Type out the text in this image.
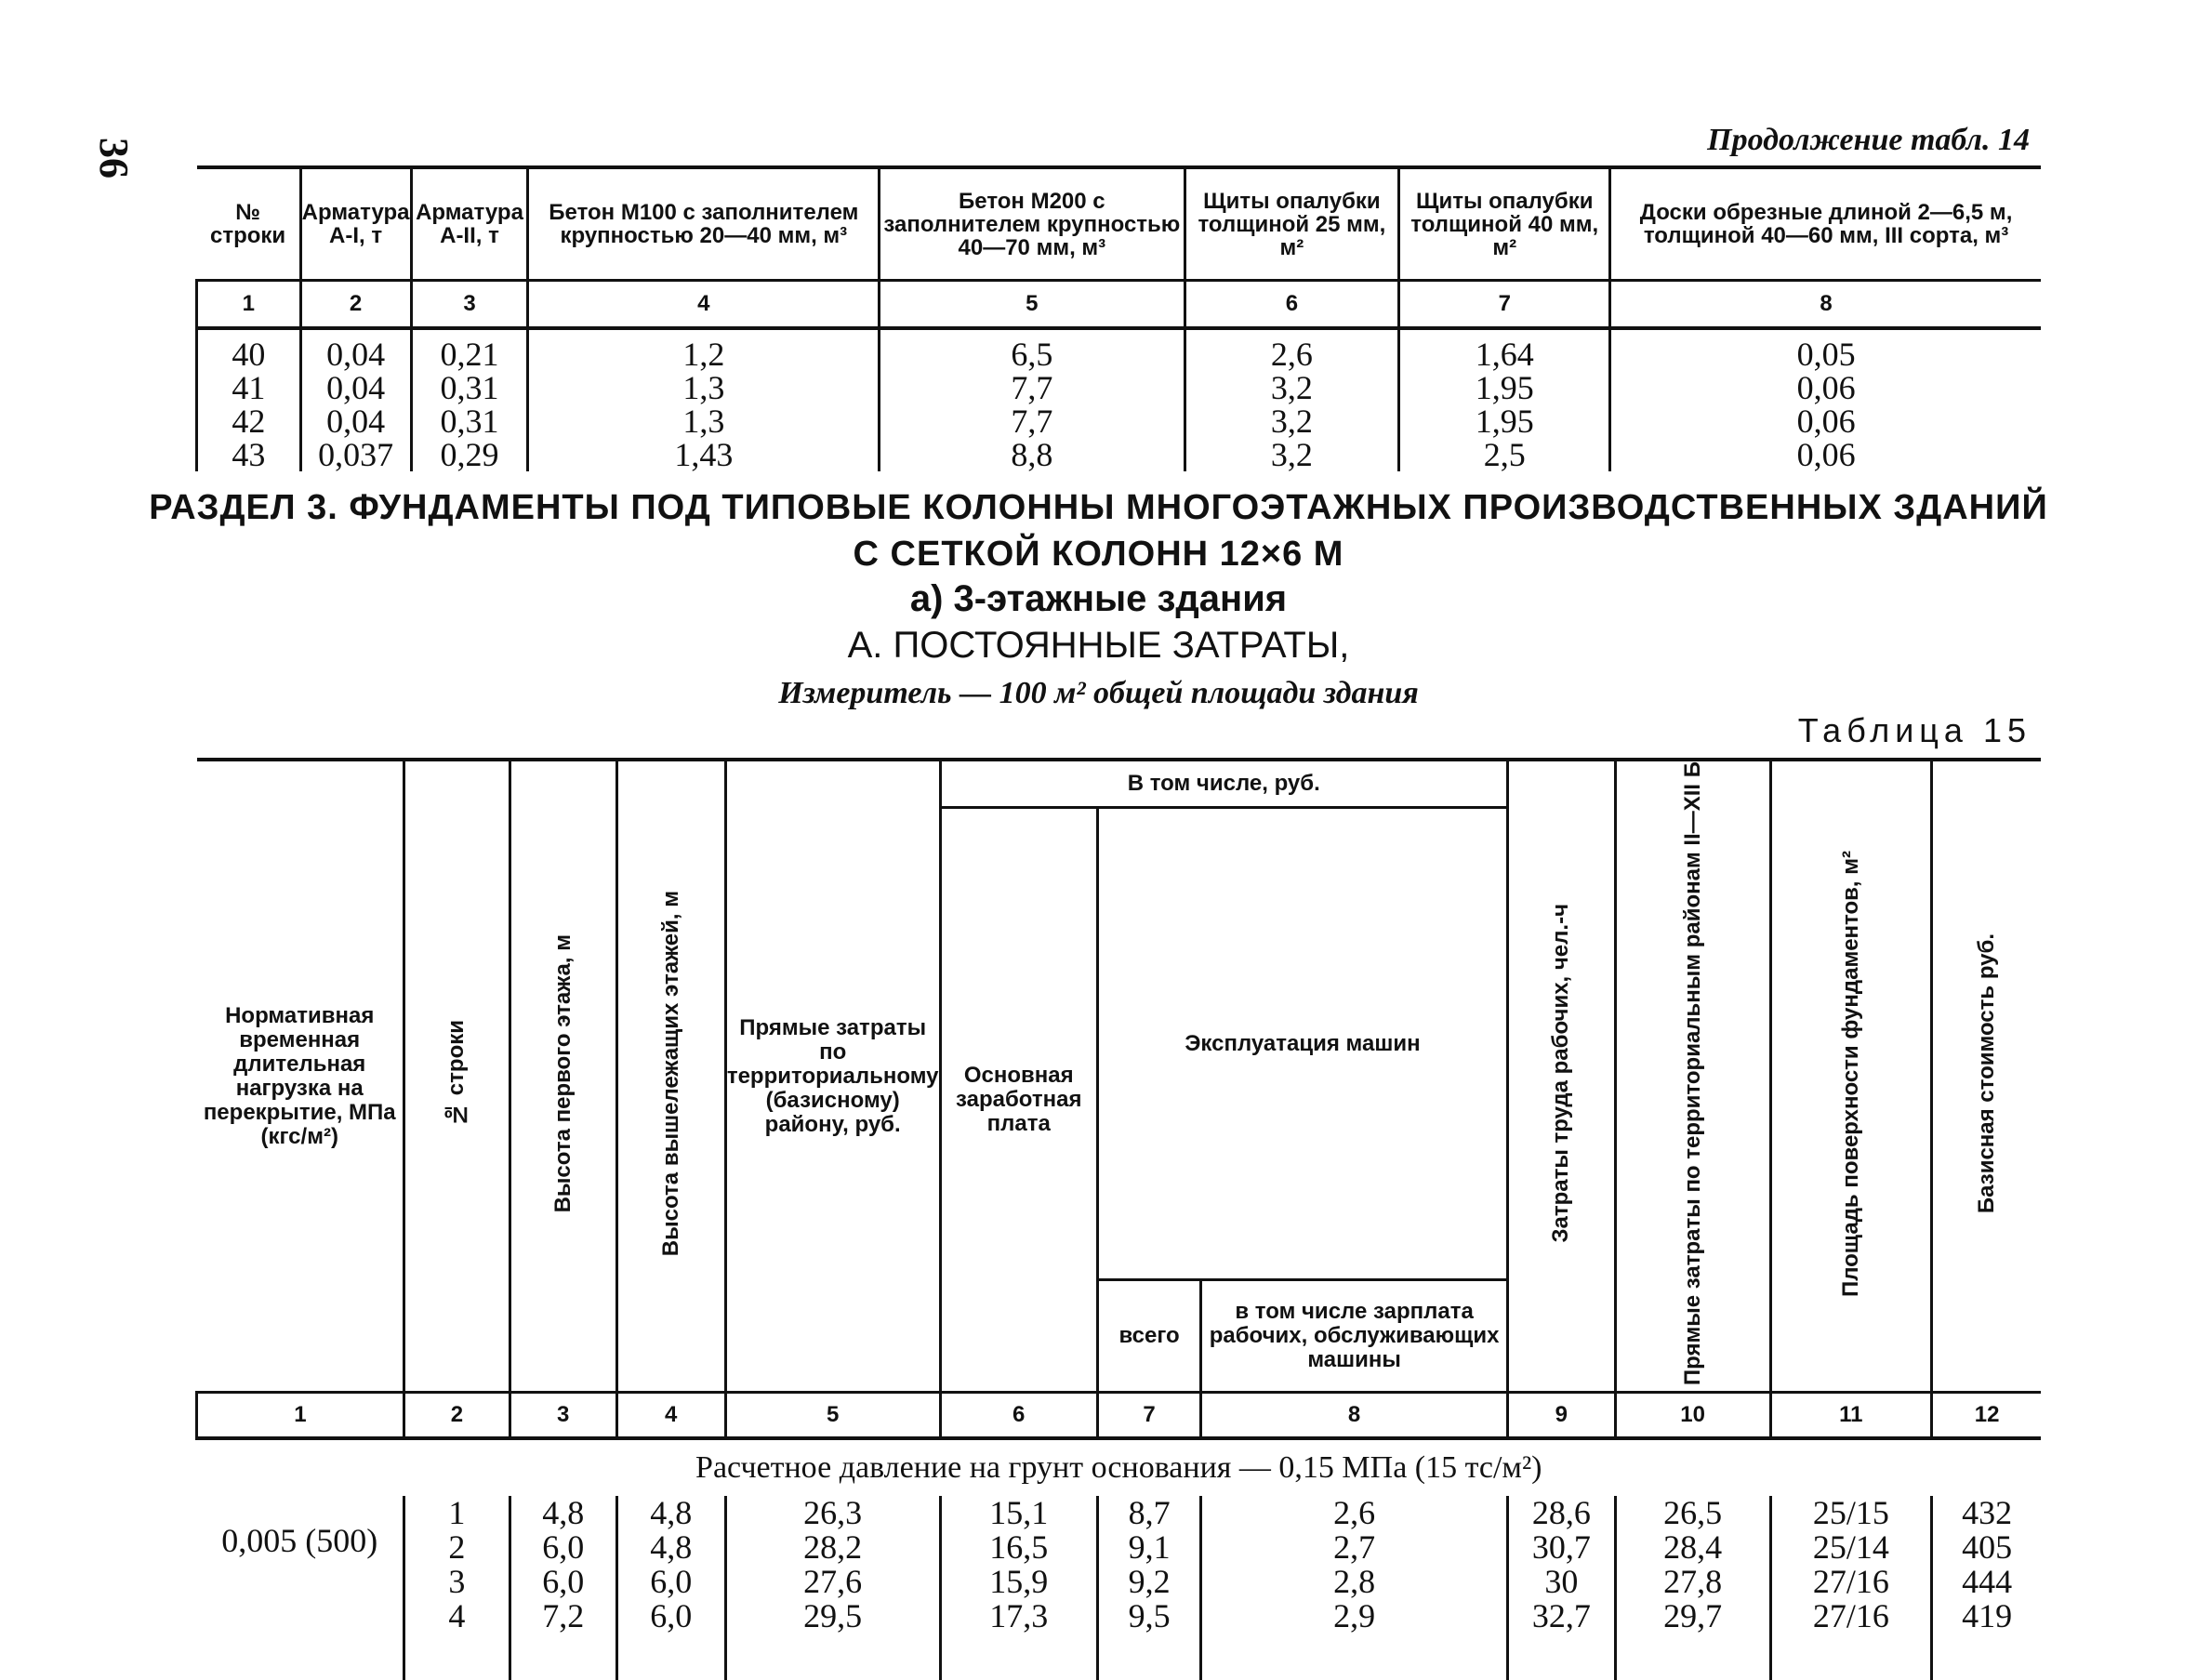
36	Продолжение табл. 14
№ строки	Арматура А-I, т	Арматура А-II, т	Бетон М100 с заполнителем крупностью 20—40 мм, м³	Бетон М200 с заполнителем крупностью 40—70 мм, м³	Щиты опалубки толщиной 25 мм, м²	Щиты опалубки толщиной 40 мм, м²	Доски обрезные длиной 2—6,5 м, толщиной 40—60 мм, III сорта, м³
1	2	3	4	5	6	7	8

40	0,04	0,21	1,2	6,5	2,6	1,64	0,05
41	0,04	0,31	1,3	7,7	3,2	1,95	0,06
42	0,04	0,31	1,3	7,7	3,2	1,95	0,06
43	0,037	0,29	1,43	8,8	3,2	2,5	0,06
РАЗДЕЛ 3. ФУНДАМЕНТЫ ПОД ТИПОВЫЕ КОЛОННЫ МНОГОЭТАЖНЫХ ПРОИЗВОДСТВЕННЫХ ЗДАНИЙ
С СЕТКОЙ КОЛОНН 12×6 М
а) 3-этажные здания
А. ПОСТОЯННЫЕ ЗАТРАТЫ,
Измеритель — 100 м² общей площади здания
Таблица 15
Нормативная временная длительная нагрузка на перекрытие, МПа (кгс/м²)	№ строки	Высота первого этажа, м	Высота вышележащих этажей, м	Прямые затраты по территориальному (базисному) району, руб.	В том числе, руб.			Затраты труда рабочих, чел.-ч	Прямые затраты по территориальным районам II—XII Б	Площадь поверхности фундаментов, м²	Базисная стоимость руб.
					Основная заработная плата	Эксплуатация машин					
						всего	в том числе зарплата рабочих, обслуживающих машины				
1	2	3	4	5	6	7	8	9	10	11	12
Расчетное давление на грунт основания — 0,15 МПа (15 тс/м²)											
0,005 (500)	1	4,8	4,8	26,3	15,1	8,7	2,6	28,6	26,5	25/15	432
	2	6,0	4,8	28,2	16,5	9,1	2,7	30,7	28,4	25/14	405
	3	6,0	6,0	27,6	15,9	9,2	2,8	30	27,8	27/16	444
	4	7,2	6,0	29,5	17,3	9,5	2,9	32,7	29,7	27/16	419
